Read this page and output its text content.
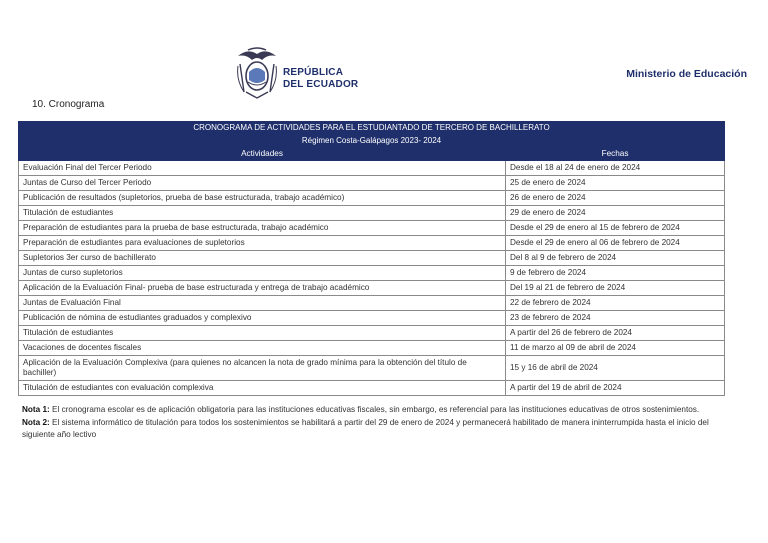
REPÚBLICA
DEL ECUADOR
Ministerio de Educación
10. Cronograma
CRONOGRAMA DE ACTIVIDADES PARA EL ESTUDIANTADO DE TERCERO DE BACHILLERATO	
Régimen Costa-Galápagos 2023- 2024	
Actividades	Fechas
Evaluación Final del Tercer Periodo	Desde el 18 al 24 de enero de 2024
Juntas de Curso del Tercer Periodo	25 de enero de 2024
Publicación de resultados (supletorios, prueba de base estructurada, trabajo académico)	26 de enero de 2024
Titulación de estudiantes	29 de enero de 2024
Preparación de estudiantes para la prueba de base estructurada, trabajo académico	Desde el 29 de enero al 15 de febrero de 2024
Preparación de estudiantes para evaluaciones de supletorios	Desde el 29 de enero al 06 de febrero de 2024
Supletorios 3er curso de bachillerato	Del 8 al 9 de febrero de 2024
Juntas de curso supletorios	9 de febrero de 2024
Aplicación de la Evaluación Final- prueba de base estructurada y entrega de trabajo académico	Del 19 al 21 de febrero de 2024
Juntas de Evaluación Final	22 de febrero de 2024
Publicación de nómina de estudiantes graduados y complexivo	23 de febrero de 2024
Titulación de estudiantes	A partir del 26 de febrero de 2024
Vacaciones de docentes fiscales	11 de marzo al 09 de abril de 2024
Aplicación de la Evaluación Complexiva (para quienes no alcancen la nota de grado mínima para la obtención del título de bachiller)	15 y 16 de abril de 2024
Titulación de estudiantes con evaluación complexiva	A partir del 19 de abril de 2024

Nota 1: El cronograma escolar es de aplicación obligatoria para las instituciones educativas fiscales, sin embargo, es referencial para las instituciones educativas de otros sostenimientos.

Nota 2: El sistema informático de titulación para todos los sostenimientos se habilitará a partir del 29 de enero de 2024 y permanecerá habilitado de manera ininterrumpida hasta el inicio del siguiente año lectivo
